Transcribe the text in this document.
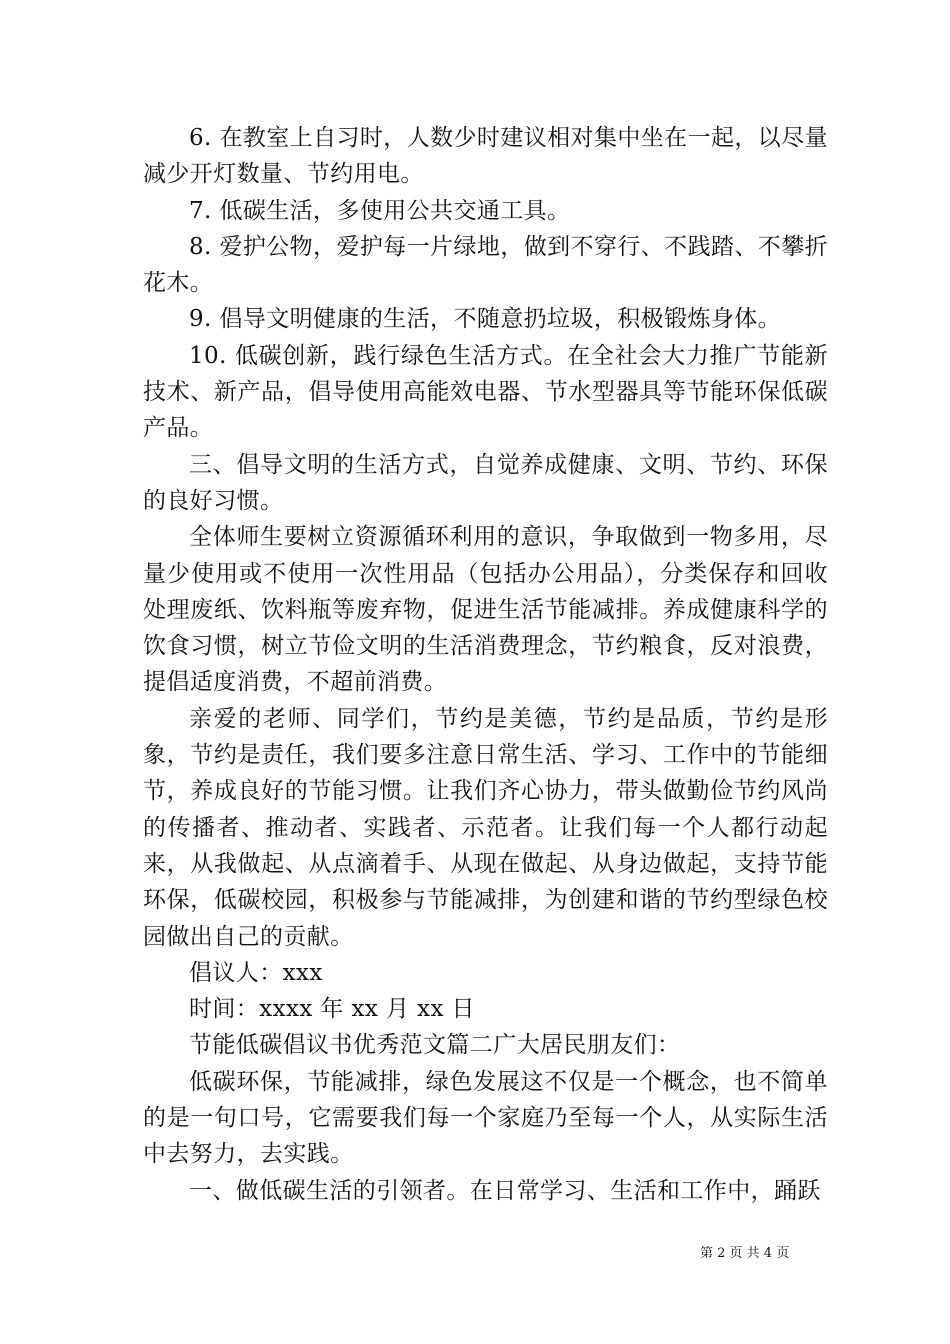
6. 在教室上自习时，人数少时建议相对集中坐在一起，以尽量减少开灯数量、节约用电。

7. 低碳生活，多使用公共交通工具。

8. 爱护公物，爱护每一片绿地，做到不穿行、不践踏、不攀折花木。

9. 倡导文明健康的生活，不随意扔垃圾，积极锻炼身体。

10. 低碳创新，践行绿色生活方式。在全社会大力推广节能新技术、新产品，倡导使用高能效电器、节水型器具等节能环保低碳产品。

三、倡导文明的生活方式，自觉养成健康、文明、节约、环保的良好习惯。

全体师生要树立资源循环利用的意识，争取做到一物多用，尽量少使用或不使用一次性用品（包括办公用品），分类保存和回收处理废纸、饮料瓶等废弃物，促进生活节能减排。养成健康科学的饮食习惯，树立节俭文明的生活消费理念，节约粮食，反对浪费，提倡适度消费，不超前消费。

亲爱的老师、同学们，节约是美德，节约是品质，节约是形象，节约是责任，我们要多注意日常生活、学习、工作中的节能细节，养成良好的节能习惯。让我们齐心协力，带头做勤俭节约风尚的传播者、推动者、实践者、示范者。让我们每一个人都行动起来，从我做起、从点滴着手、从现在做起、从身边做起，支持节能环保，低碳校园，积极参与节能减排，为创建和谐的节约型绿色校园做出自己的贡献。

倡议人：xxx

时间：xxxx 年 xx 月 xx 日

节能低碳倡议书优秀范文篇二广大居民朋友们：

低碳环保，节能减排，绿色发展这不仅是一个概念，也不简单的是一句口号，它需要我们每一个家庭乃至每一个人，从实际生活中去努力，去实践。

一、做低碳生活的引领者。在日常学习、生活和工作中，踊跃

第 2 页 共 4 页
